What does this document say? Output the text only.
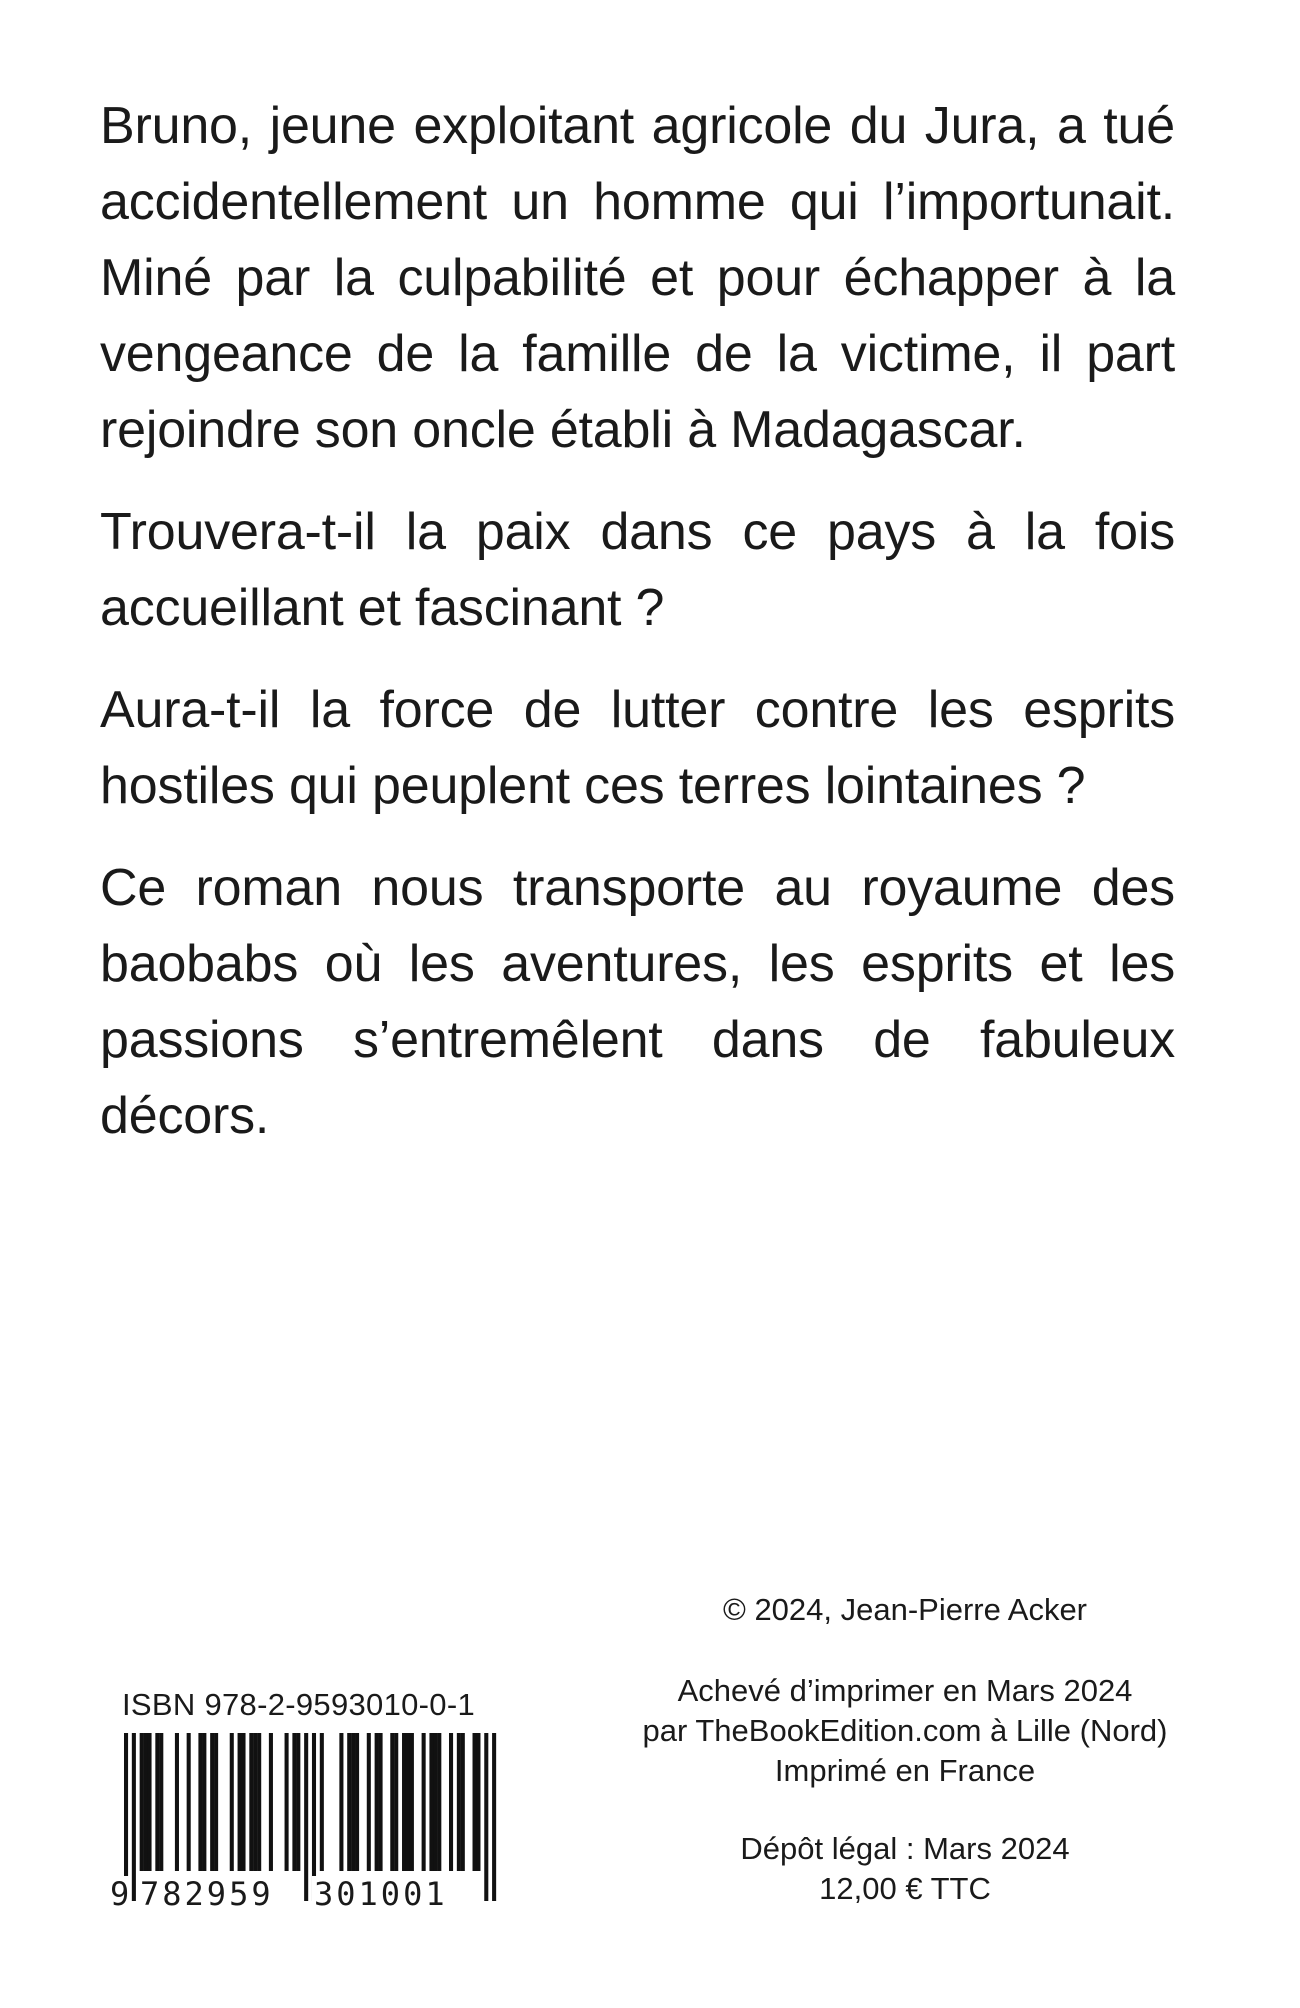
Bruno, jeune exploitant agricole du Jura, a tué accidentellement un homme qui l’importunait. Miné par la culpabilité et pour échapper à la vengeance de la famille de la victime, il part rejoindre son oncle établi à Madagascar.

Trouvera-t-il la paix dans ce pays à la fois accueillant et fascinant ?

Aura-t-il la force de lutter contre les esprits hostiles qui peuplent ces terres lointaines ?

Ce roman nous transporte au royaume des baobabs où les aventures, les esprits et les passions s’entremêlent dans de fabuleux décors.

© 2024, Jean-Pierre Acker
Achevé d’imprimer en Mars 2024
par TheBookEdition.com à Lille (Nord)
Imprimé en France
Dépôt légal : Mars 2024
12,00 € TTC
ISBN 978-2-9593010-0-1
9 782959 301001
